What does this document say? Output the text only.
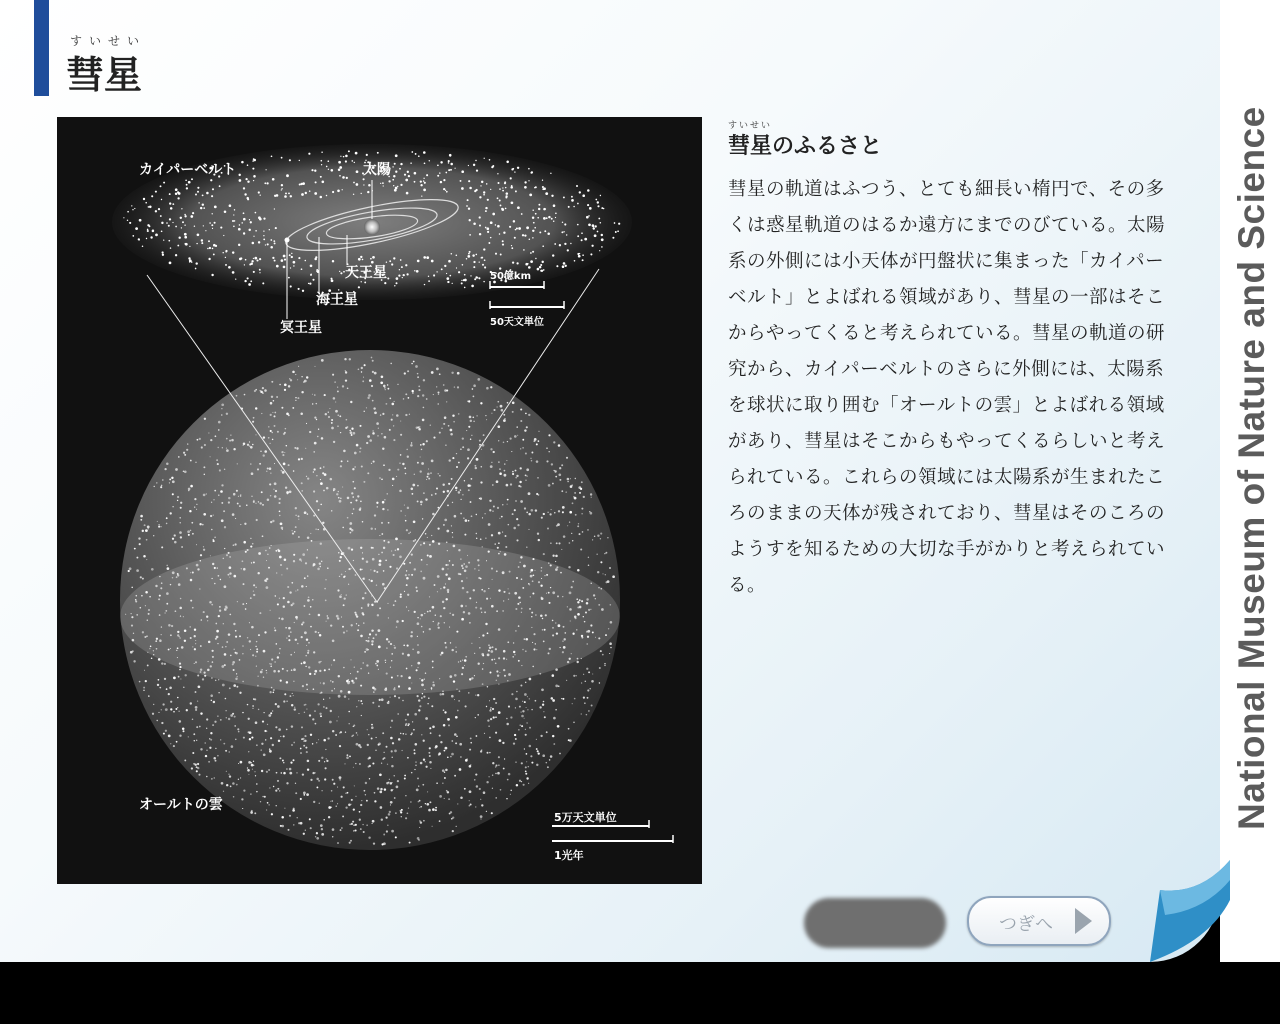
すいせい
彗星
カイパーベルト	太陽
天王星
海王星
冥王星
50億km
50天文単位
オールトの雲
5万天文単位
1光年
すいせい
彗星のふるさと
彗星の軌道はふつう、とても細長い楕円で、その多くは惑星軌道のはるか遠方にまでのびている。太陽系の外側には小天体が円盤状に集まった「カイパーベルト」とよばれる領域があり、彗星の一部はそこからやってくると考えられている。彗星の軌道の研究から、カイパーベルトのさらに外側には、太陽系を球状に取り囲む「オールトの雲」とよばれる領域があり、彗星はそこからもやってくるらしいと考えられている。これらの領域には太陽系が生まれたころのままの天体が残されており、彗星はそのころのようすを知るための大切な手がかりと考えられている。
つぎへ
National Museum of Nature and Science
